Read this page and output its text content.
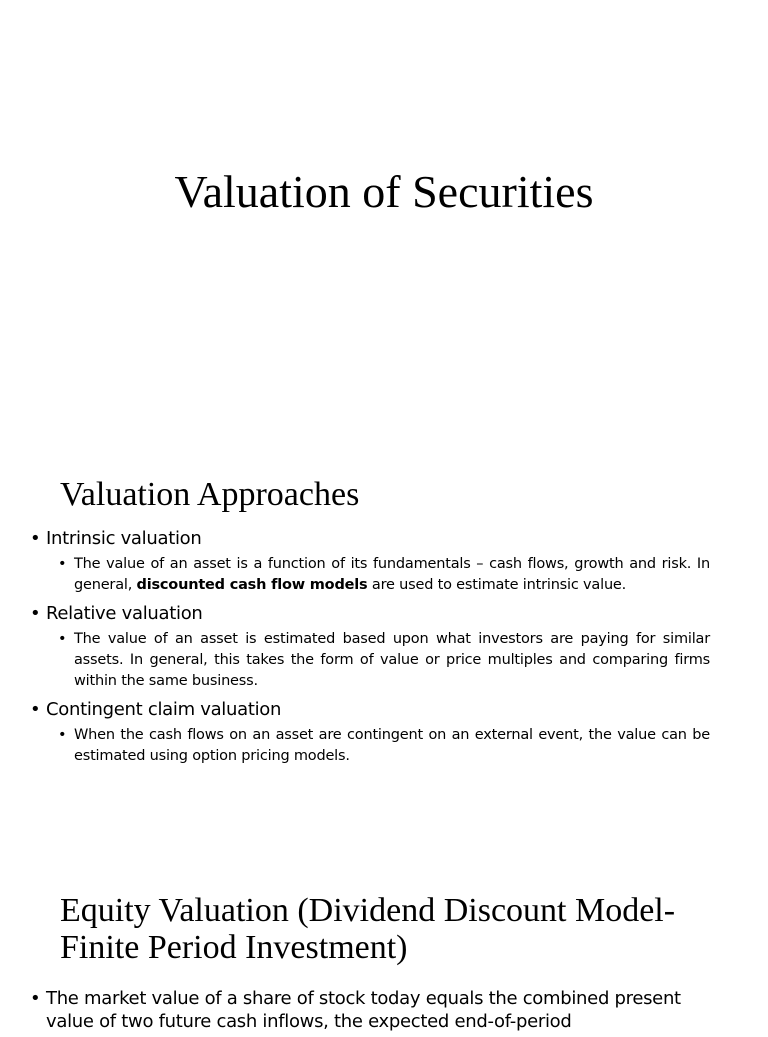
Valuation of Securities
Valuation Approaches
• Intrinsic valuation
• The value of an asset is a function of its fundamentals – cash flows, growth and risk. In general, discounted cash flow models are used to estimate intrinsic value.
• Relative valuation
• The value of an asset is estimated based upon what investors are paying for similar assets. In general, this takes the form of value or price multiples and comparing firms within the same business.
• Contingent claim valuation
• When the cash flows on an asset are contingent on an external event, the value can be estimated using option pricing models.
Equity Valuation (Dividend Discount Model-Finite Period Investment)
• The market value of a share of stock today equals the combined present value of two future cash inflows, the expected end-of-period
